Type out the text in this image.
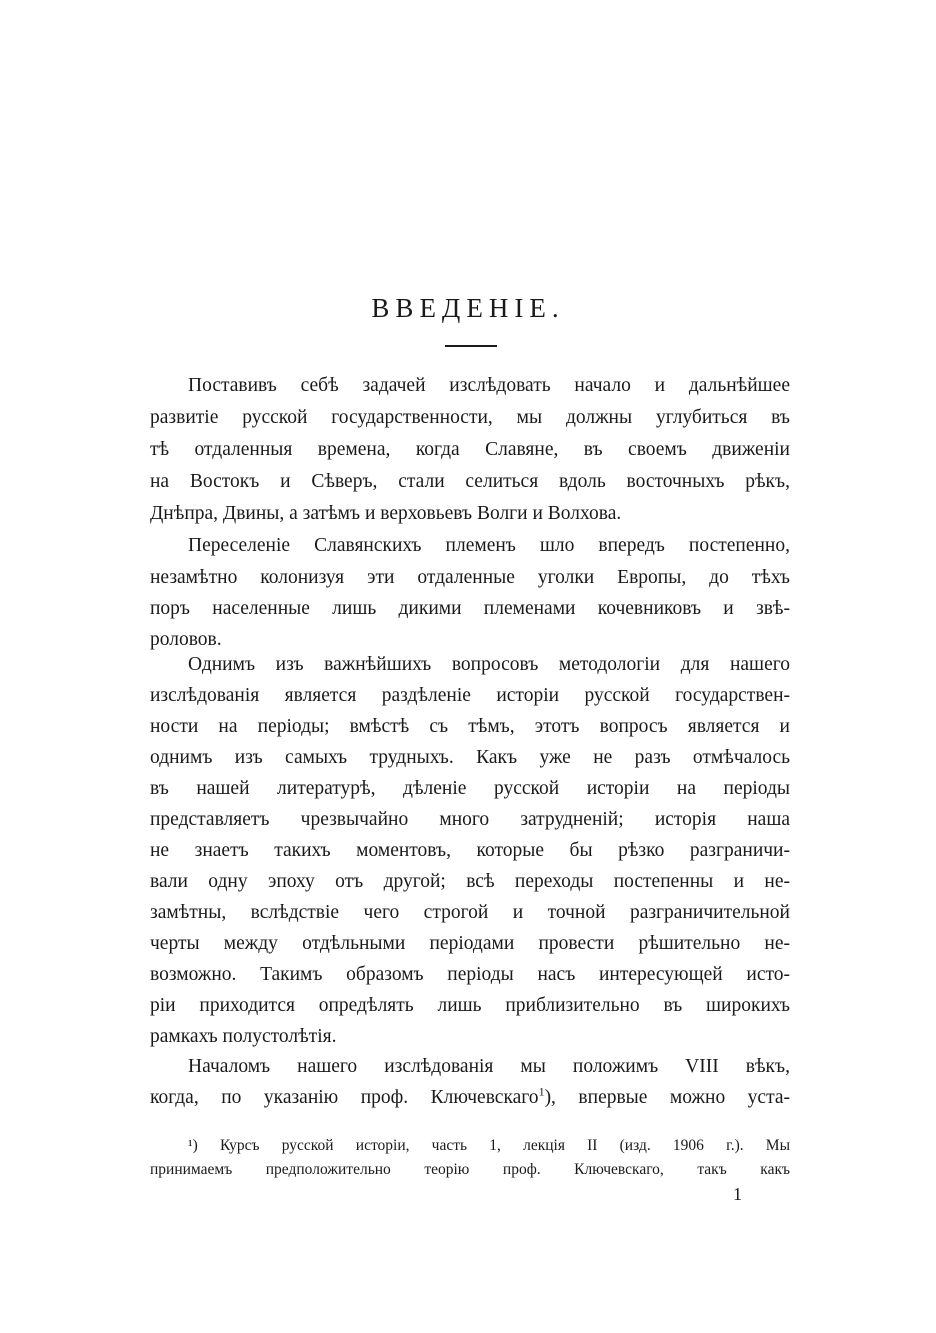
ВВЕДЕНІЕ.
Поставивъ себѣ задачей изслѣдовать начало и дальнѣйшее
развитіе русской государственности, мы должны углубиться въ
тѣ отдаленныя времена, когда Славяне, въ своемъ движеніи
на Востокъ и Сѣверъ, стали селиться вдоль восточныхъ рѣкъ,
Днѣпра, Двины, а затѣмъ и верховьевъ Волги и Волхова.
Переселеніе Славянскихъ племенъ шло впередъ постепенно,
незамѣтно колонизуя эти отдаленные уголки Европы, до тѣхъ
поръ населенные лишь дикими племенами кочевниковъ и звѣ-
роловов.
Однимъ изъ важнѣйшихъ вопросовъ методологіи для нашего
изслѣдованія является раздѣленіе исторіи русской государствен-
ности на періоды; вмѣстѣ съ тѣмъ, этотъ вопросъ является и
однимъ изъ самыхъ трудныхъ. Какъ уже не разъ отмѣчалось
въ нашей литературѣ, дѣленіе русской исторіи на періоды
представляетъ чрезвычайно много затрудненій; исторія наша
не знаетъ такихъ моментовъ, которые бы рѣзко разграничи-
вали одну эпоху отъ другой; всѣ переходы постепенны и не-
замѣтны, вслѣдствіе чего строгой и точной разграничительной
черты между отдѣльными періодами провести рѣшительно не-
возможно. Такимъ образомъ періоды насъ интересующей исто-
ріи приходится опредѣлять лишь приблизительно въ широкихъ
рамкахъ полустолѣтія.
Началомъ нашего изслѣдованія мы положимъ VIII вѣкъ,
когда, по указанію проф. Ключевскаго$^1$), впервые можно уста-
¹) Курсъ русской исторіи, часть 1, лекція II (изд. 1906 г.). Мы
принимаемъ предположительно теорію проф. Ключевскаго, такъ какъ
1
